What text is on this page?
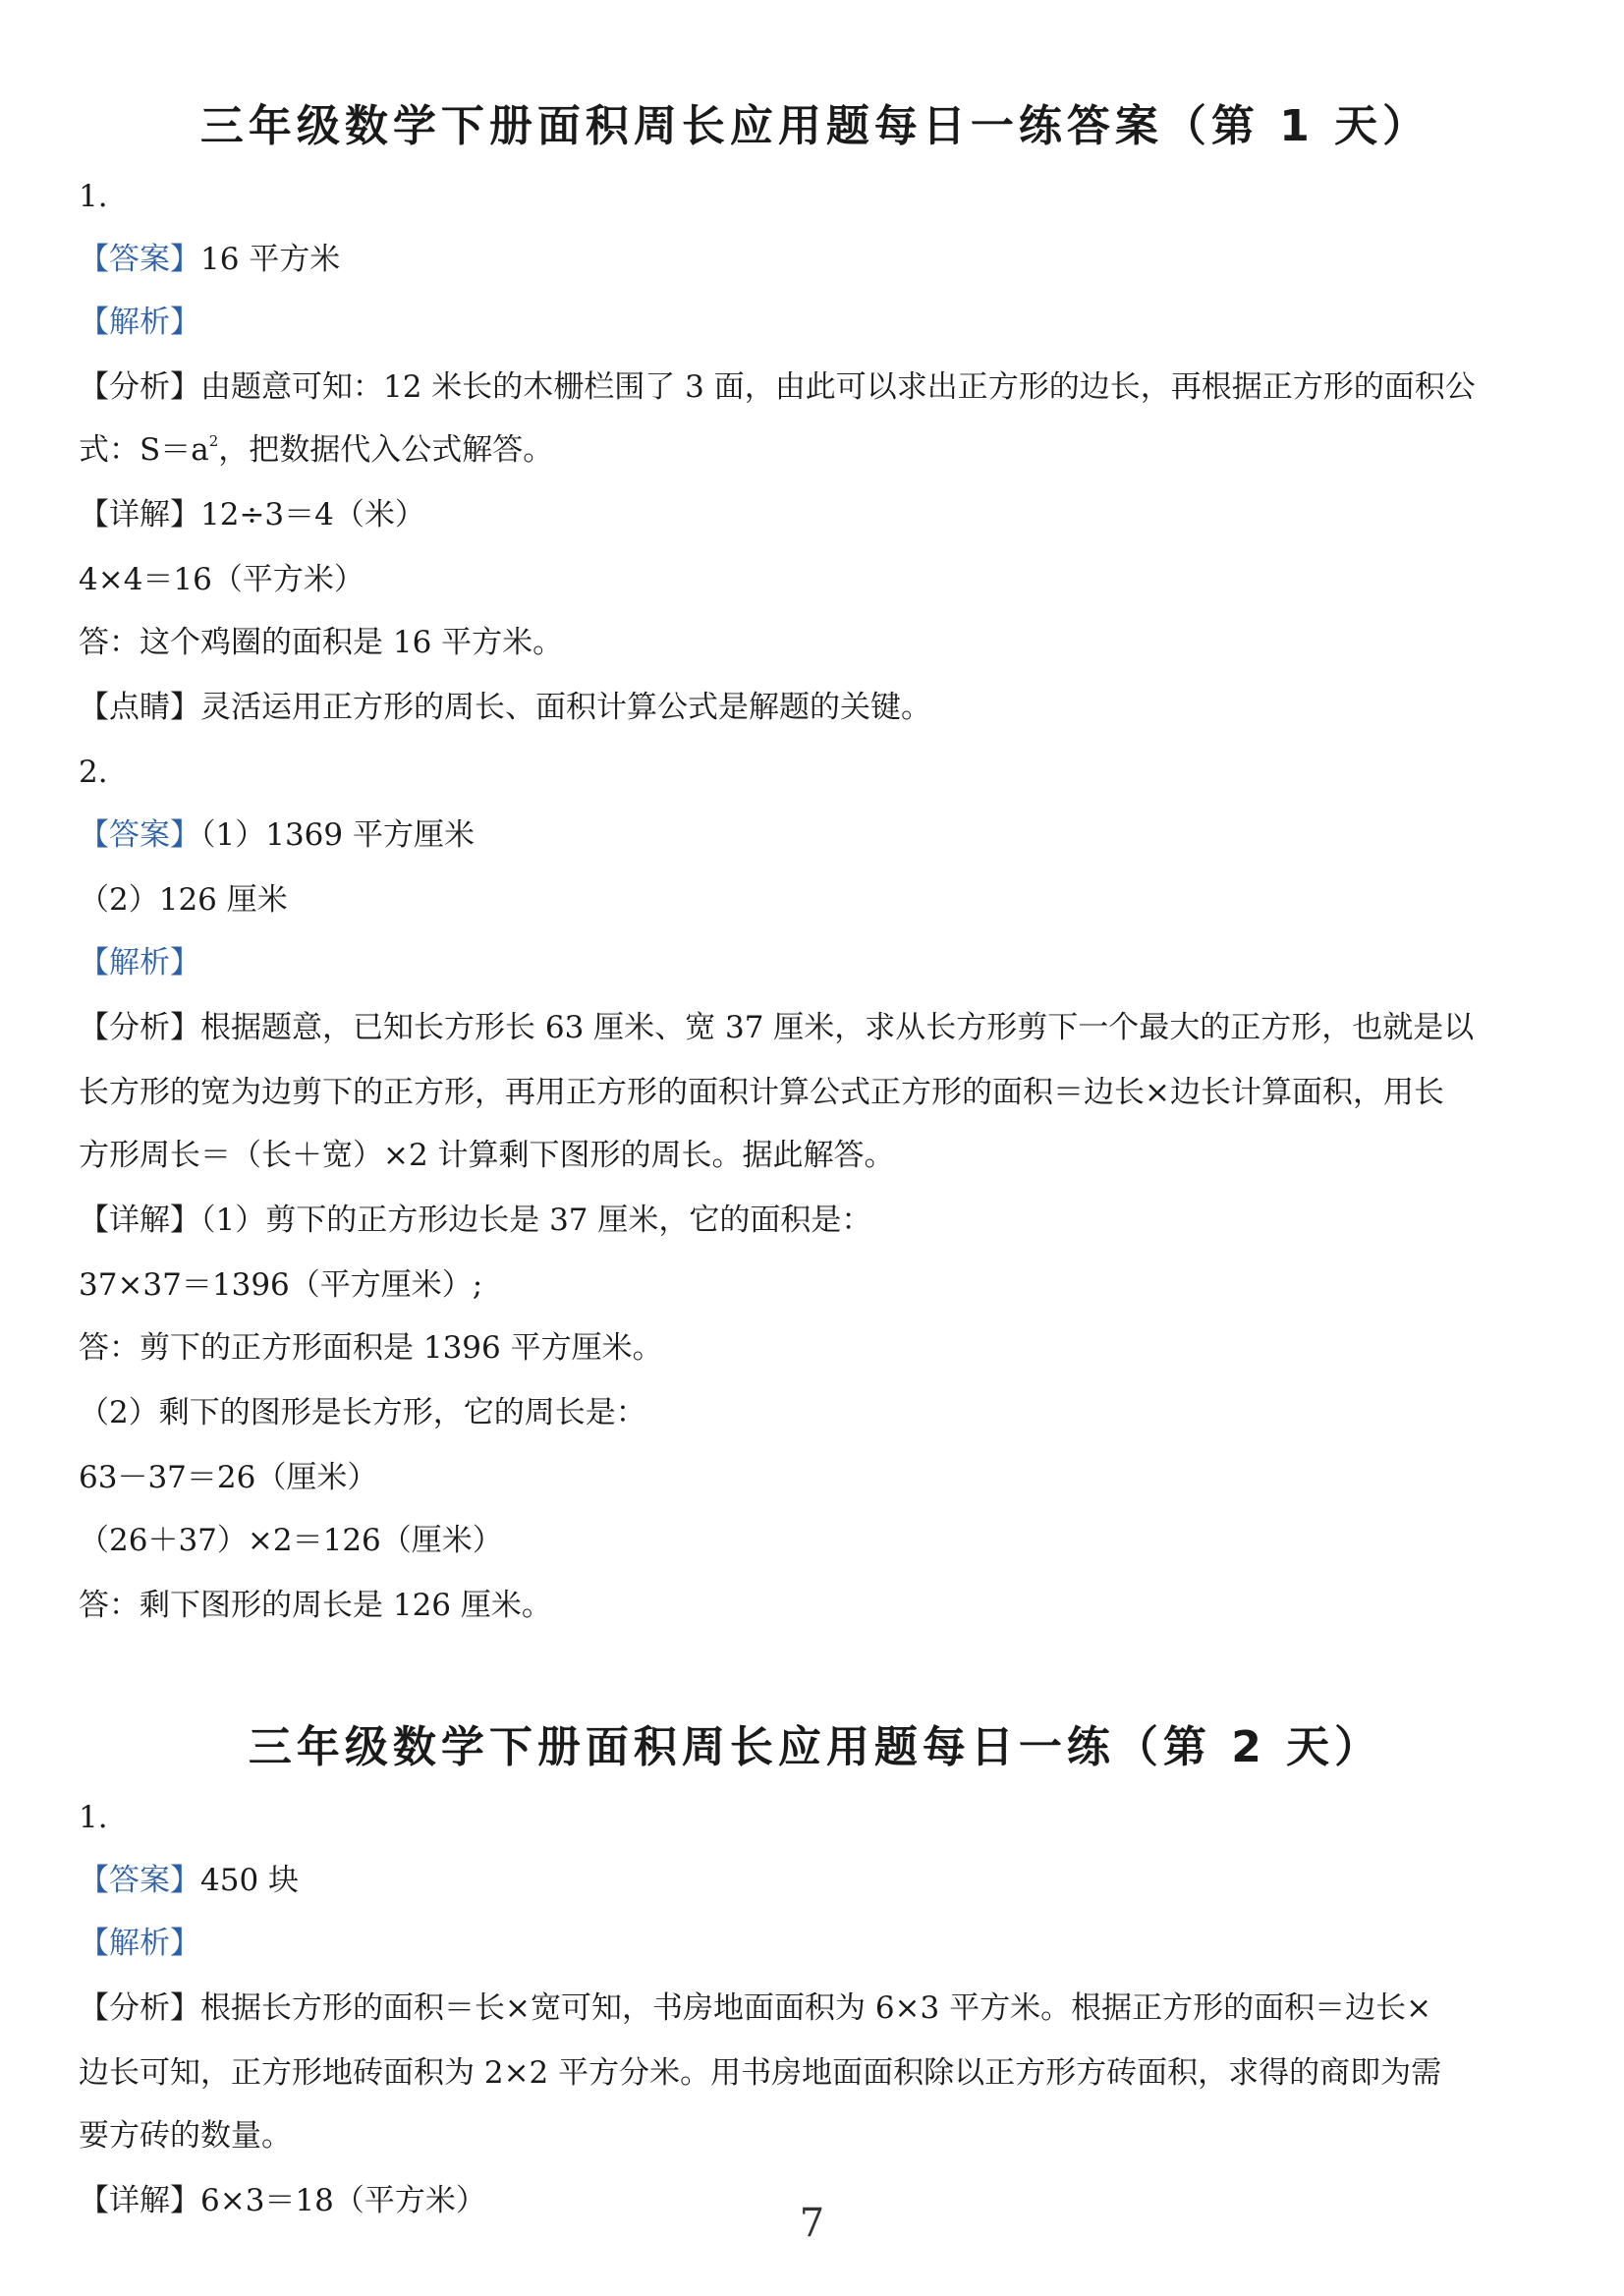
三年级数学下册面积周长应用题每日一练答案（第 1 天）
1.
【答案】16 平方米
【解析】
【分析】由题意可知：12 米长的木栅栏围了 3 面，由此可以求出正方形的边长，再根据正方形的面积公
式：$S=a^2$，把数据代入公式解答。
【详解】12÷3＝4（米）
4×4＝16（平方米）
答：这个鸡圈的面积是 16 平方米。
【点睛】灵活运用正方形的周长、面积计算公式是解题的关键。
2.
【答案】（1）1369 平方厘米
（2）126 厘米
【解析】
【分析】根据题意，已知长方形长 63 厘米、宽 37 厘米，求从长方形剪下一个最大的正方形，也就是以
长方形的宽为边剪下的正方形，再用正方形的面积计算公式正方形的面积＝边长×边长计算面积，用长
方形周长＝（长＋宽）×2 计算剩下图形的周长。据此解答。
【详解】（1）剪下的正方形边长是 37 厘米，它的面积是：
37×37＝1396（平方厘米）;
答：剪下的正方形面积是 1396 平方厘米。
（2）剩下的图形是长方形，它的周长是：
63－37＝26（厘米）
（26＋37）×2＝126（厘米）
答：剩下图形的周长是 126 厘米。
三年级数学下册面积周长应用题每日一练（第 2 天）
1.
【答案】450 块
【解析】
【分析】根据长方形的面积＝长×宽可知，书房地面面积为 6×3 平方米。根据正方形的面积＝边长×
边长可知，正方形地砖面积为 2×2 平方分米。用书房地面面积除以正方形方砖面积，求得的商即为需
要方砖的数量。
【详解】6×3＝18（平方米）	7
